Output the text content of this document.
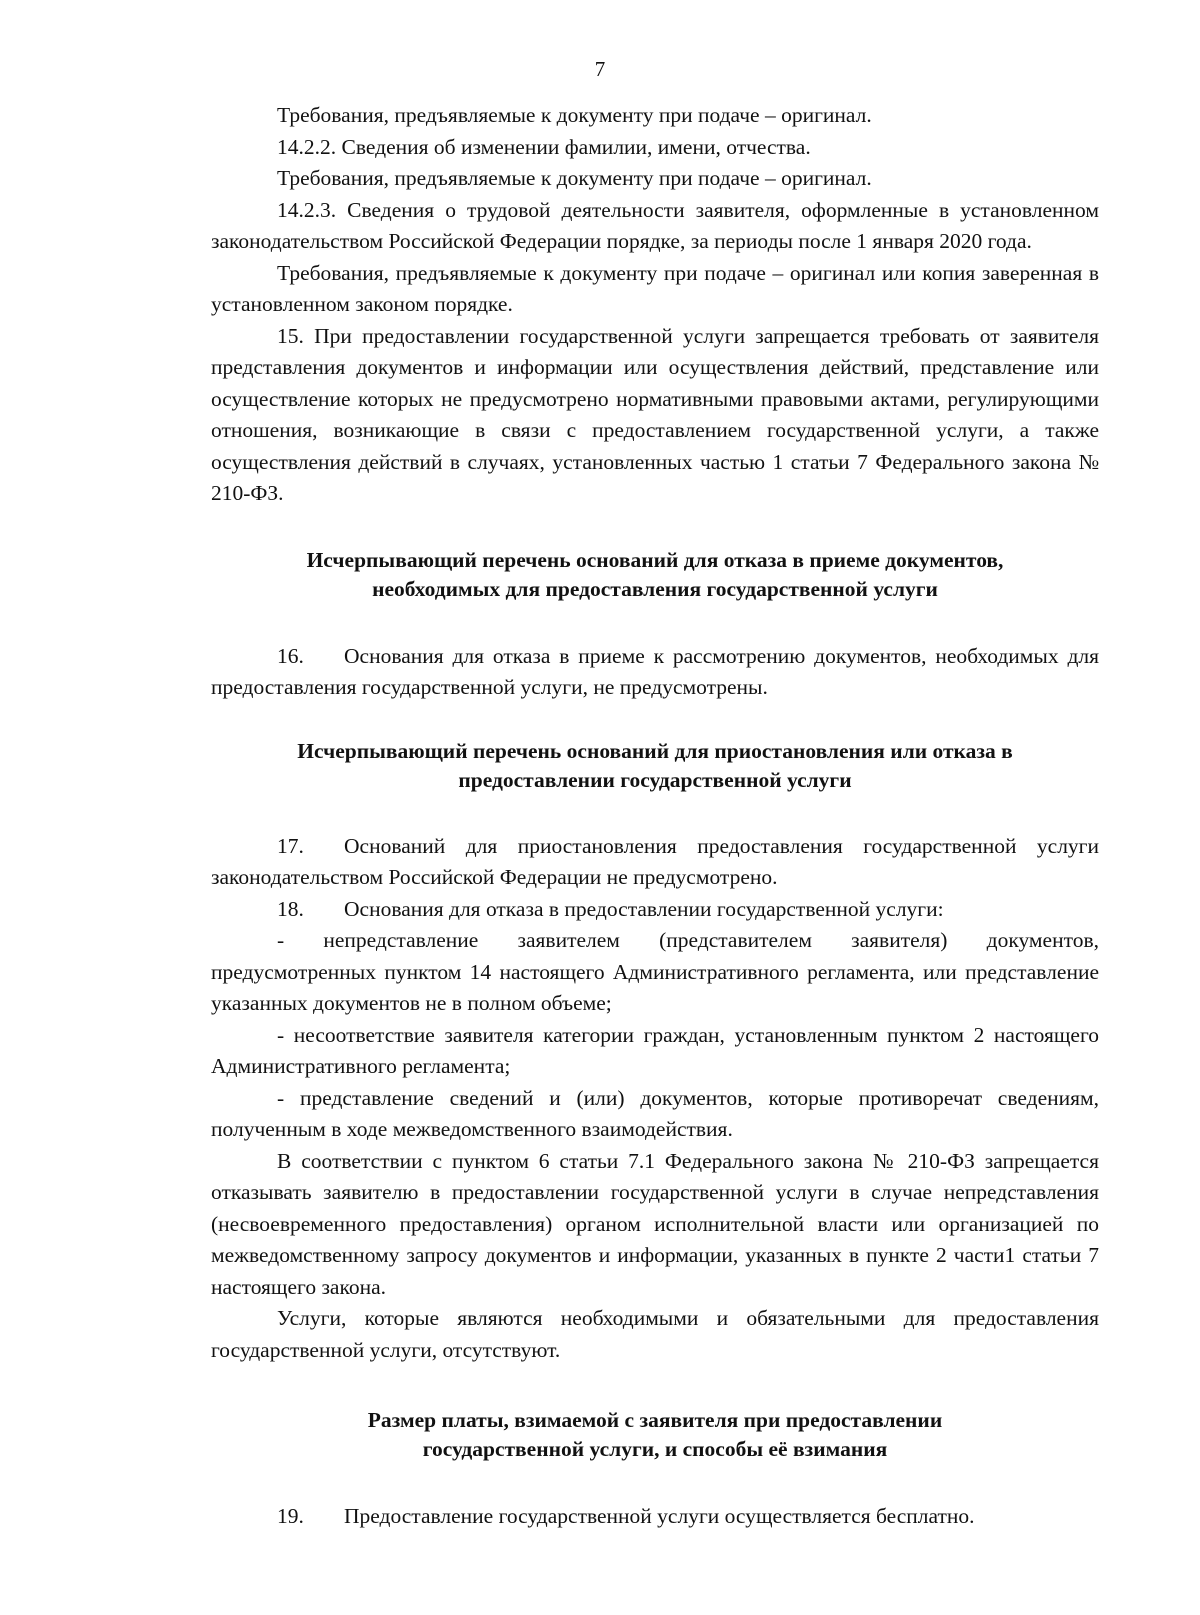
7

Требования, предъявляемые к документу при подаче – оригинал.

14.2.2. Сведения об изменении фамилии, имени, отчества.

Требования, предъявляемые к документу при подаче – оригинал.

14.2.3. Сведения о трудовой деятельности заявителя, оформленные в установленном законодательством Российской Федерации порядке, за периоды после 1 января 2020 года.

Требования, предъявляемые к документу при подаче – оригинал или копия заверенная в установленном законом порядке.

15. При предоставлении государственной услуги запрещается требовать от заявителя представления документов и информации или осуществления действий, представление или осуществление которых не предусмотрено нормативными правовыми актами, регулирующими отношения, возникающие в связи с предоставлением государственной услуги, а также осуществления действий в случаях, установленных частью 1 статьи 7 Федерального закона № 210-ФЗ.

Исчерпывающий перечень оснований для отказа в приеме документов,
необходимых для предоставления государственной услуги

16. Основания для отказа в приеме к рассмотрению документов, необходимых для предоставления государственной услуги, не предусмотрены.

Исчерпывающий перечень оснований для приостановления или отказа в
предоставлении государственной услуги

17. Оснований для приостановления предоставления государственной услуги законодательством Российской Федерации не предусмотрено.

18. Основания для отказа в предоставлении государственной услуги:

- непредставление заявителем (представителем заявителя) документов,

предусмотренных пунктом 14 настоящего Административного регламента, или представление указанных документов не в полном объеме;

- несоответствие заявителя категории граждан, установленным пунктом 2 настоящего Административного регламента;

- представление сведений и (или) документов, которые противоречат сведениям, полученным в ходе межведомственного взаимодействия.

В соответствии с пунктом 6 статьи 7.1 Федерального закона № 210-ФЗ запрещается отказывать заявителю в предоставлении государственной услуги в случае непредставления (несвоевременного предоставления) органом исполнительной власти или организацией по межведомственному запросу документов и информации, указанных в пункте 2 части1 статьи 7 настоящего закона.

Услуги, которые являются необходимыми и обязательными для предоставления государственной услуги, отсутствуют.

Размер платы, взимаемой с заявителя при предоставлении
государственной услуги, и способы её взимания

19. Предоставление государственной услуги осуществляется бесплатно.
